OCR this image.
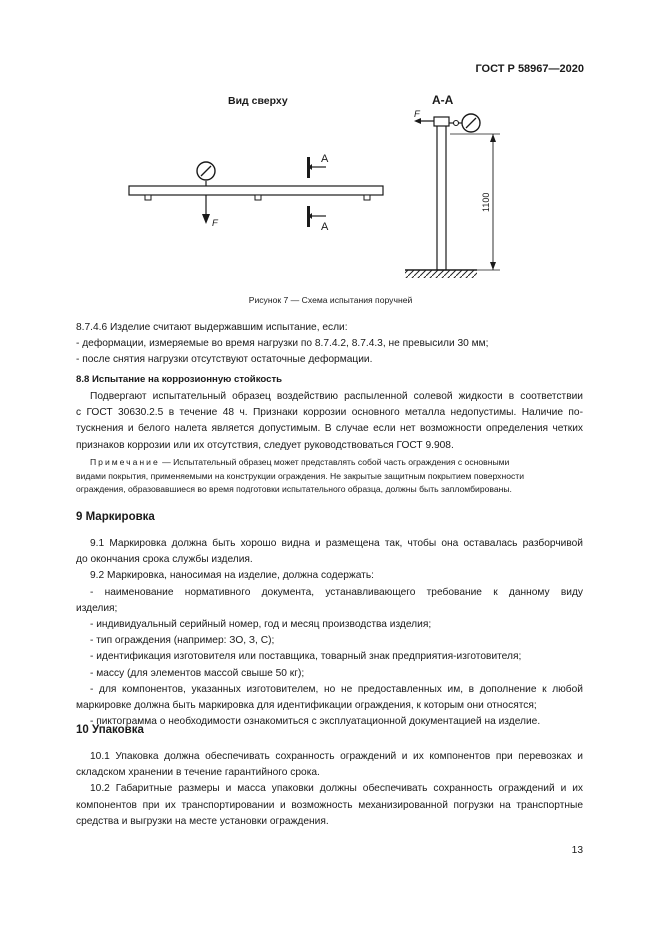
ГОСТ Р 58967—2020
Вид сверху
F
А
А
А-А
F
1100
Рисунок 7 — Схема испытания поручней
8.7.4.6 Изделие считают выдержавшим испытание, если:
- деформации, измеряемые во время нагрузки по 8.7.4.2, 8.7.4.3, не превысили 30 мм;
- после снятия нагрузки отсутствуют остаточные деформации.
8.8 Испытание на коррозионную стойкость
Подвергают испытательный образец воздействию распыленной солевой жидкости в соответствии
с ГОСТ 30630.2.5 в течение 48 ч. Признаки коррозии основного металла недопустимы. Наличие по-
тускнения и белого налета является допустимым. В случае если нет возможности определения четких
признаков коррозии или их отсутствия, следует руководствоваться ГОСТ 9.908.
Примечание — Испытательный образец может представлять собой часть ограждения с основными
видами покрытия, применяемыми на конструкции ограждения. Не закрытые защитным покрытием поверхности
ограждения, образовавшиеся во время подготовки испытательного образца, должны быть запломбированы.
9 Маркировка
9.1 Маркировка должна быть хорошо видна и размещена так, чтобы она оставалась разборчивой
до окончания срока службы изделия.
9.2 Маркировка, наносимая на изделие, должна содержать:
- наименование нормативного документа, устанавливающего требование к данному виду
изделия;
- индивидуальный серийный номер, год и месяц производства изделия;
- тип ограждения (например: ЗО, З, С);
- идентификация изготовителя или поставщика, товарный знак предприятия-изготовителя;
- массу (для элементов массой свыше 50 кг);
- для компонентов, указанных изготовителем, но не предоставленных им, в дополнение к любой
маркировке должна быть маркировка для идентификации ограждения, к которым они относятся;
- пиктограмма о необходимости ознакомиться с эксплуатационной документацией на изделие.
10 Упаковка
10.1 Упаковка должна обеспечивать сохранность ограждений и их компонентов при перевозках и
складском хранении в течение гарантийного срока.
10.2 Габаритные размеры и масса упаковки должны обеспечивать сохранность ограждений и их
компонентов при их транспортировании и возможность механизированной погрузки на транспортные
средства и выгрузки на месте установки ограждения.
13
